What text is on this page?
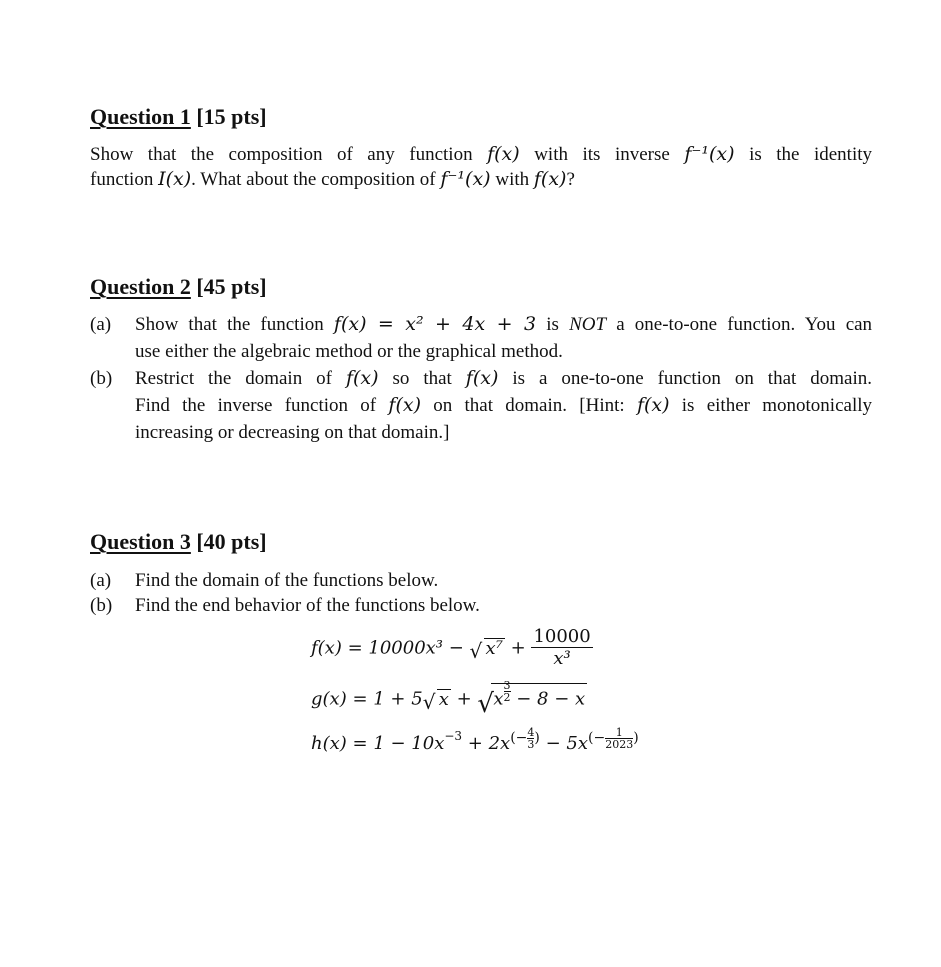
Question 1 [15 pts]
Show that the composition of any function f(x) with its inverse f⁻¹(x) is the identity
function I(x). What about the composition of f⁻¹(x) with f(x)?
Question 2 [45 pts]
(a) Show that the function f(x) = x² + 4x + 3 is NOT a one-to-one function. You can
use either the algebraic method or the graphical method.
(b) Restrict the domain of f(x) so that f(x) is a one-to-one function on that domain.
Find the inverse function of f(x) on that domain. [Hint: f(x) is either monotonically
increasing or decreasing on that domain.]
Question 3 [40 pts]
(a) Find the domain of the functions below.
(b) Find the end behavior of the functions below.
f(x) = 10000x³ − √ $x^7 + \frac{10000}{\text{x³}}$
g(x) = 1 + 5 √ x + √ x $\frac{3}{2} - 8 - x$
$h(x) = 1 - 10x^{-3} + 2x^{(- \frac{4}{3} )} - 5x^{(- \frac{1}{2023} )}$
